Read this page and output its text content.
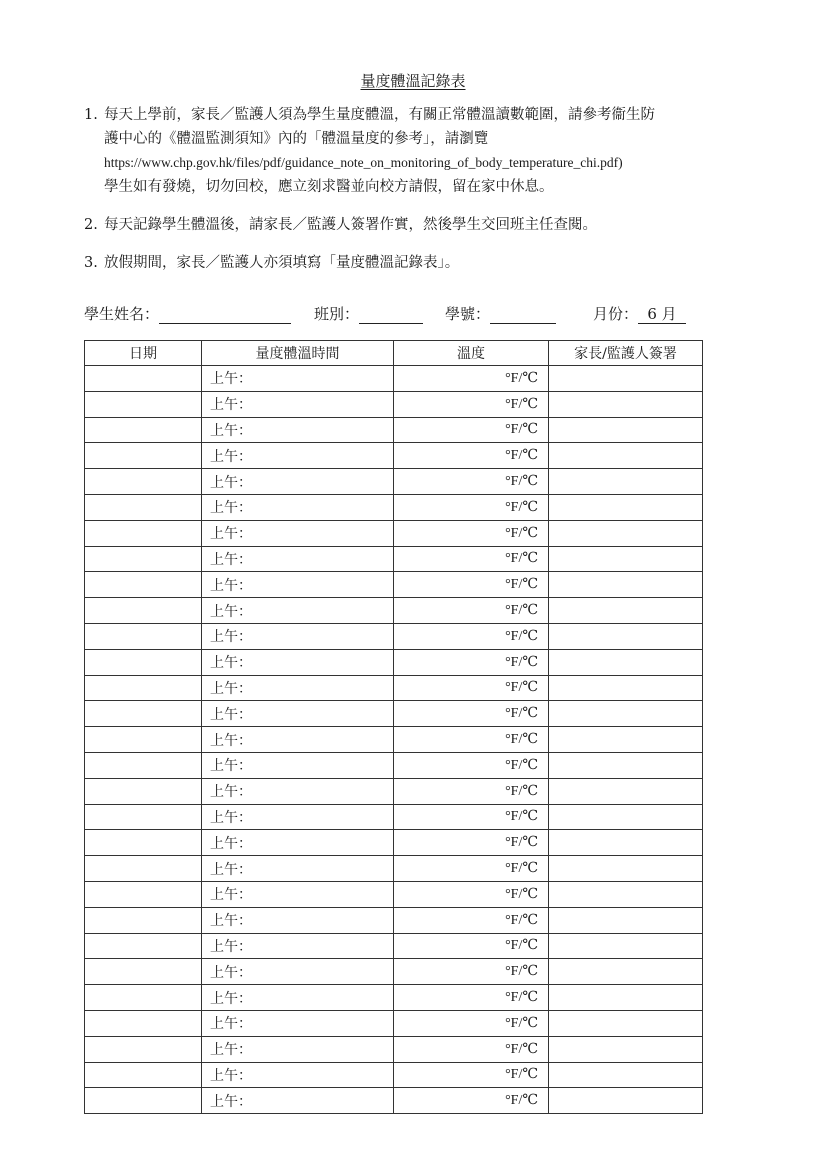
量度體溫記錄表
1. 每天上學前，家長／監護人須為學生量度體溫，有關正常體溫讀數範圍，請參考衞生防
護中心的《體溫監測須知》內的「體溫量度的參考」，請瀏覽
https://www.chp.gov.hk/files/pdf/guidance_note_on_monitoring_of_body_temperature_chi.pdf)
學生如有發燒，切勿回校，應立刻求醫並向校方請假，留在家中休息。
2. 每天記錄學生體溫後，請家長／監護人簽署作實，然後學生交回班主任查閱。
3. 放假期間，家長／監護人亦須填寫「量度體溫記錄表」。
學生姓名：	班別：	學號：	月份： 6 月
日期	量度體溫時間	溫度	家長/監護人簽署
	上午：	°F/℃	
	上午：	°F/℃	
	上午：	°F/℃	
	上午：	°F/℃	
	上午：	°F/℃	
	上午：	°F/℃	
	上午：	°F/℃	
	上午：	°F/℃	
	上午：	°F/℃	
	上午：	°F/℃	
	上午：	°F/℃	
	上午：	°F/℃	
	上午：	°F/℃	
	上午：	°F/℃	
	上午：	°F/℃	
	上午：	°F/℃	
	上午：	°F/℃	
	上午：	°F/℃	
	上午：	°F/℃	
	上午：	°F/℃	
	上午：	°F/℃	
	上午：	°F/℃	
	上午：	°F/℃	
	上午：	°F/℃	
	上午：	°F/℃	
	上午：	°F/℃	
	上午：	°F/℃	
	上午：	°F/℃	
	上午：	°F/℃	
